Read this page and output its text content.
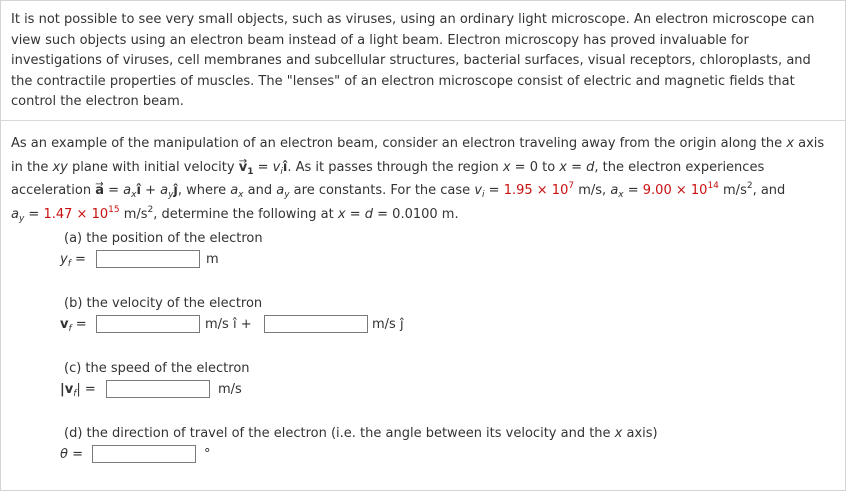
It is not possible to see very small objects, such as viruses, using an ordinary light microscope. An electron microscope can view such objects using an electron beam instead of a light beam. Electron microscopy has proved invaluable for investigations of viruses, cell membranes and subcellular structures, bacterial surfaces, visual receptors, chloroplasts, and the contractile properties of muscles. The "lenses" of an electron microscope consist of electric and magnetic fields that control the electron beam.

As an example of the manipulation of an electron beam, consider an electron traveling away from the origin along the x axis
in the xy plane with initial velocity → $v_1$ = $v_iî$. As it passes through the region x = 0 to x = d, the electron experiences
acceleration → $a = a_xî$ + $a_yĵ$, where $a_x$ and $a_y$ are constants. For the case $v_i = 1.95 \times 10^7$ m/s, $a_x = 9.00 \times 10^{14}$ $m/s^2$, and
$a_y = 1.47 \times 10^{15}$ $m/s^2$, determine the following at x = d = 0.0100 m.

(a) the position of the electron
$y_f$ =	m
(b) the velocity of the electron
$v_f$ =	m/s î +	m/s ĵ
(c) the speed of the electron
$|v_f|$ =	m/s
(d) the direction of travel of the electron (i.e. the angle between its velocity and the x axis)
θ =	°
